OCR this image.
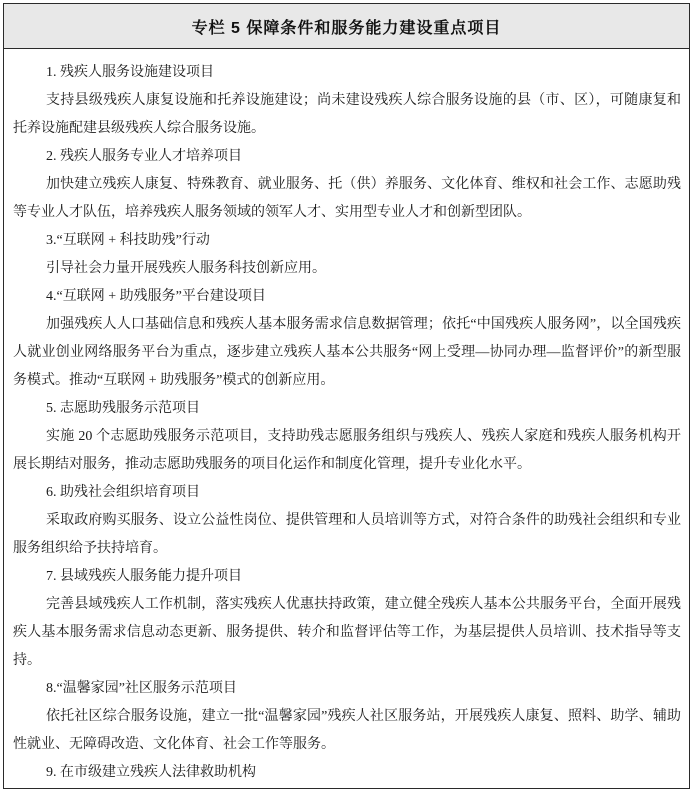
专栏 5 保障条件和服务能力建设重点项目
1. 残疾人服务设施建设项目

支持县级残疾人康复设施和托养设施建设；尚未建设残疾人综合服务设施的县（市、区），可随康复和托养设施配建县级残疾人综合服务设施。

2. 残疾人服务专业人才培养项目

加快建立残疾人康复、特殊教育、就业服务、托（供）养服务、文化体育、维权和社会工作、志愿助残等专业人才队伍，培养残疾人服务领域的领军人才、实用型专业人才和创新型团队。

3.“互联网 + 科技助残”行动

引导社会力量开展残疾人服务科技创新应用。

4.“互联网 + 助残服务”平台建设项目

加强残疾人人口基础信息和残疾人基本服务需求信息数据管理；依托“中国残疾人服务网”，以全国残疾人就业创业网络服务平台为重点，逐步建立残疾人基本公共服务“网上受理—协同办理—监督评价”的新型服务模式。推动“互联网 + 助残服务”模式的创新应用。

5. 志愿助残服务示范项目

实施 20 个志愿助残服务示范项目，支持助残志愿服务组织与残疾人、残疾人家庭和残疾人服务机构开展长期结对服务，推动志愿助残服务的项目化运作和制度化管理，提升专业化水平。

6. 助残社会组织培育项目

采取政府购买服务、设立公益性岗位、提供管理和人员培训等方式，对符合条件的助残社会组织和专业服务组织给予扶持培育。

7. 县域残疾人服务能力提升项目

完善县域残疾人工作机制，落实残疾人优惠扶持政策，建立健全残疾人基本公共服务平台，全面开展残疾人基本服务需求信息动态更新、服务提供、转介和监督评估等工作，为基层提供人员培训、技术指导等支持。

8.“温馨家园”社区服务示范项目

依托社区综合服务设施，建立一批“温馨家园”残疾人社区服务站，开展残疾人康复、照料、助学、辅助性就业、无障碍改造、文化体育、社会工作等服务。

9. 在市级建立残疾人法律救助机构
